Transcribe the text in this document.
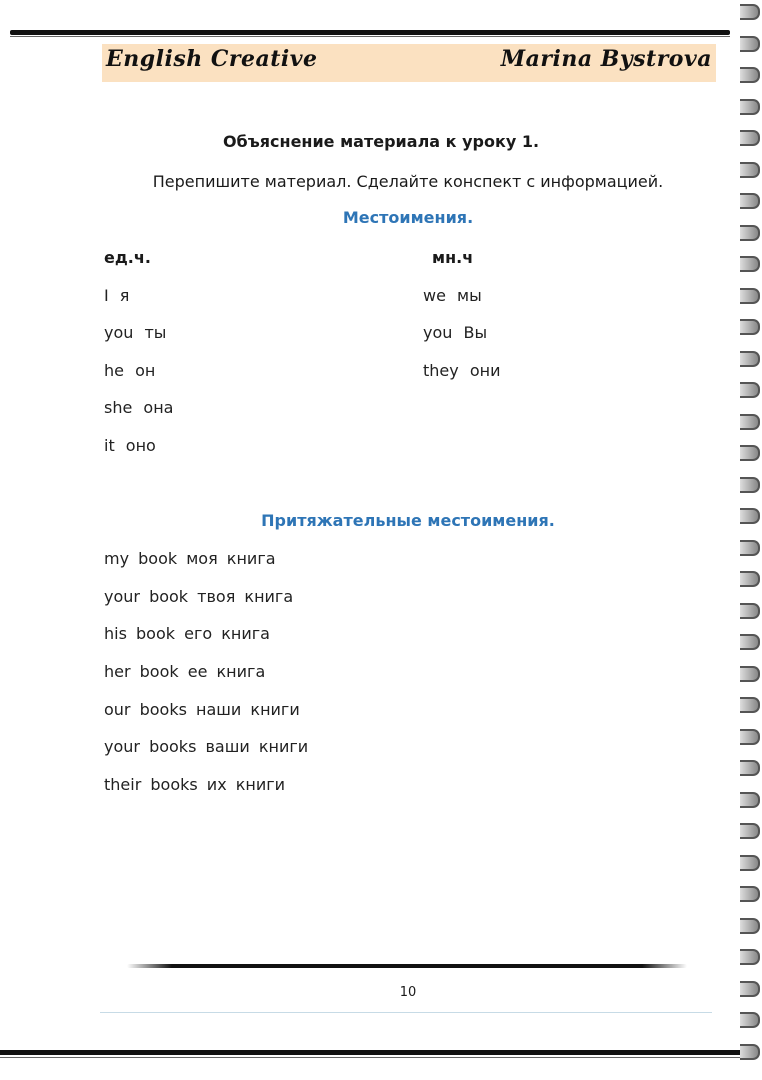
English Creative	Marina Bystrova
Объяснение материала к уроку 1.
Перепишите материал. Сделайте конспект с информацией.
Местоимения.
ед.ч.	мн.ч
I я
you ты
he он
she она
it оно
we мы
you Вы
they они
Притяжательные местоимения.
my book моя книга
your book твоя книга
his book его книга
her book ее книга
our books наши книги
your books ваши книги
their books их книги
10
